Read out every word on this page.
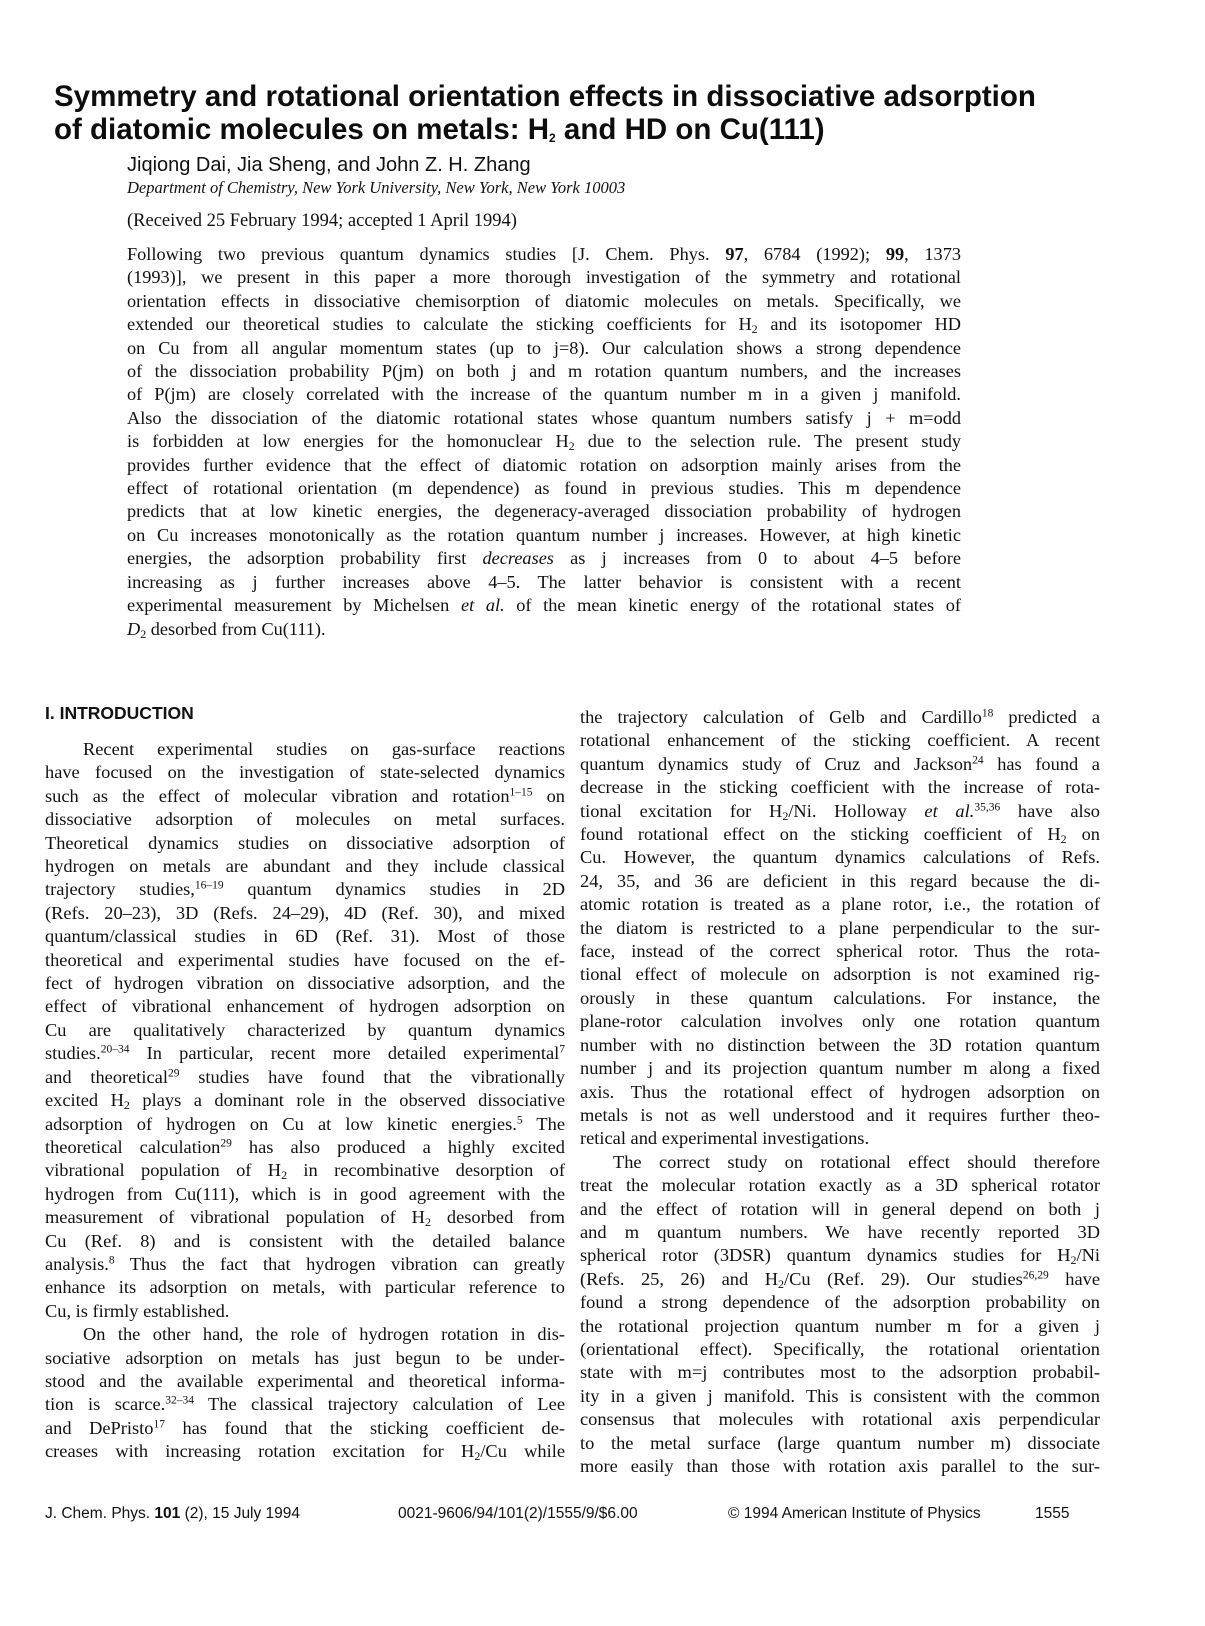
Symmetry and rotational orientation effects in dissociative adsorption
of diatomic molecules on metals: $H_2$ and HD on Cu(111)
Jiqiong Dai, Jia Sheng, and John Z. H. Zhang
Department of Chemistry, New York University, New York, New York 10003
(Received 25 February 1994; accepted 1 April 1994)
Following two previous quantum dynamics studies [J. Chem. Phys. 97, 6784 (1992); 99, 1373
(1993)], we present in this paper a more thorough investigation of the symmetry and rotational
orientation effects in dissociative chemisorption of diatomic molecules on metals. Specifically, we
extended our theoretical studies to calculate the sticking coefficients for $H_2$ and its isotopomer HD
on Cu from all angular momentum states (up to j=8). Our calculation shows a strong dependence
of the dissociation probability P(jm) on both j and m rotation quantum numbers, and the increases
of P(jm) are closely correlated with the increase of the quantum number m in a given j manifold.
Also the dissociation of the diatomic rotational states whose quantum numbers satisfy j + m=odd
is forbidden at low energies for the homonuclear $H_2$ due to the selection rule. The present study
provides further evidence that the effect of diatomic rotation on adsorption mainly arises from the
effect of rotational orientation (m dependence) as found in previous studies. This m dependence
predicts that at low kinetic energies, the degeneracy-averaged dissociation probability of hydrogen
on Cu increases monotonically as the rotation quantum number j increases. However, at high kinetic
energies, the adsorption probability first decreases as j increases from 0 to about 4–5 before
increasing as j further increases above 4–5. The latter behavior is consistent with a recent
experimental measurement by Michelsen et al. of the mean kinetic energy of the rotational states of
$D_2$ desorbed from Cu(111).
I. INTRODUCTION
Recent experimental studies on gas-surface reactions
have focused on the investigation of state-selected dynamics
such as the effect of molecular vibration and rotation$^{1-15}$ on
dissociative adsorption of molecules on metal surfaces.
Theoretical dynamics studies on dissociative adsorption of
hydrogen on metals are abundant and they include classical
trajectory studies,$^{16-19}$ quantum dynamics studies in 2D
(Refs. 20–23), 3D (Refs. 24–29), 4D (Ref. 30), and mixed
quantum/classical studies in 6D (Ref. 31). Most of those
theoretical and experimental studies have focused on the ef-
fect of hydrogen vibration on dissociative adsorption, and the
effect of vibrational enhancement of hydrogen adsorption on
Cu are qualitatively characterized by quantum dynamics
studies.$^{20-34}$ In particular, recent more detailed experimental$^7$
and theoretical$^{29}$ studies have found that the vibrationally
excited $H_2$ plays a dominant role in the observed dissociative
adsorption of hydrogen on Cu at low kinetic energies.$^5$ The
theoretical calculation$^{29}$ has also produced a highly excited
vibrational population of $H_2$ in recombinative desorption of
hydrogen from Cu(111), which is in good agreement with the
measurement of vibrational population of $H_2$ desorbed from
Cu (Ref. 8) and is consistent with the detailed balance
analysis.$^8$ Thus the fact that hydrogen vibration can greatly
enhance its adsorption on metals, with particular reference to
Cu, is firmly established.
On the other hand, the role of hydrogen rotation in dis-
sociative adsorption on metals has just begun to be under-
stood and the available experimental and theoretical informa-
tion is scarce.$^{32-34}$ The classical trajectory calculation of Lee
and DePristo$^{17}$ has found that the sticking coefficient de-
creases with increasing rotation excitation for $H_2/Cu$ while
the trajectory calculation of Gelb and Cardillo$^{18}$ predicted a
rotational enhancement of the sticking coefficient. A recent
quantum dynamics study of Cruz and Jackson$^{24}$ has found a
decrease in the sticking coefficient with the increase of rota-
tional excitation for $H_2/Ni$. Holloway et al.$^{35,36}$ have also
found rotational effect on the sticking coefficient of $H_2$ on
Cu. However, the quantum dynamics calculations of Refs.
24, 35, and 36 are deficient in this regard because the di-
atomic rotation is treated as a plane rotor, i.e., the rotation of
the diatom is restricted to a plane perpendicular to the sur-
face, instead of the correct spherical rotor. Thus the rota-
tional effect of molecule on adsorption is not examined rig-
orously in these quantum calculations. For instance, the
plane-rotor calculation involves only one rotation quantum
number with no distinction between the 3D rotation quantum
number j and its projection quantum number m along a fixed
axis. Thus the rotational effect of hydrogen adsorption on
metals is not as well understood and it requires further theo-
retical and experimental investigations.
The correct study on rotational effect should therefore
treat the molecular rotation exactly as a 3D spherical rotator
and the effect of rotation will in general depend on both j
and m quantum numbers. We have recently reported 3D
spherical rotor (3DSR) quantum dynamics studies for $H_2/Ni$
(Refs. 25, 26) and $H_2/Cu$ (Ref. 29). Our studies$^{26,29}$ have
found a strong dependence of the adsorption probability on
the rotational projection quantum number m for a given j
(orientational effect). Specifically, the rotational orientation
state with m=j contributes most to the adsorption probabil-
ity in a given j manifold. This is consistent with the common
consensus that molecules with rotational axis perpendicular
to the metal surface (large quantum number m) dissociate
more easily than those with rotation axis parallel to the sur-
J. Chem. Phys. 101 (2), 15 July 1994	0021-9606/94/101(2)/1555/9/$6.00	© 1994 American Institute of Physics	1555
